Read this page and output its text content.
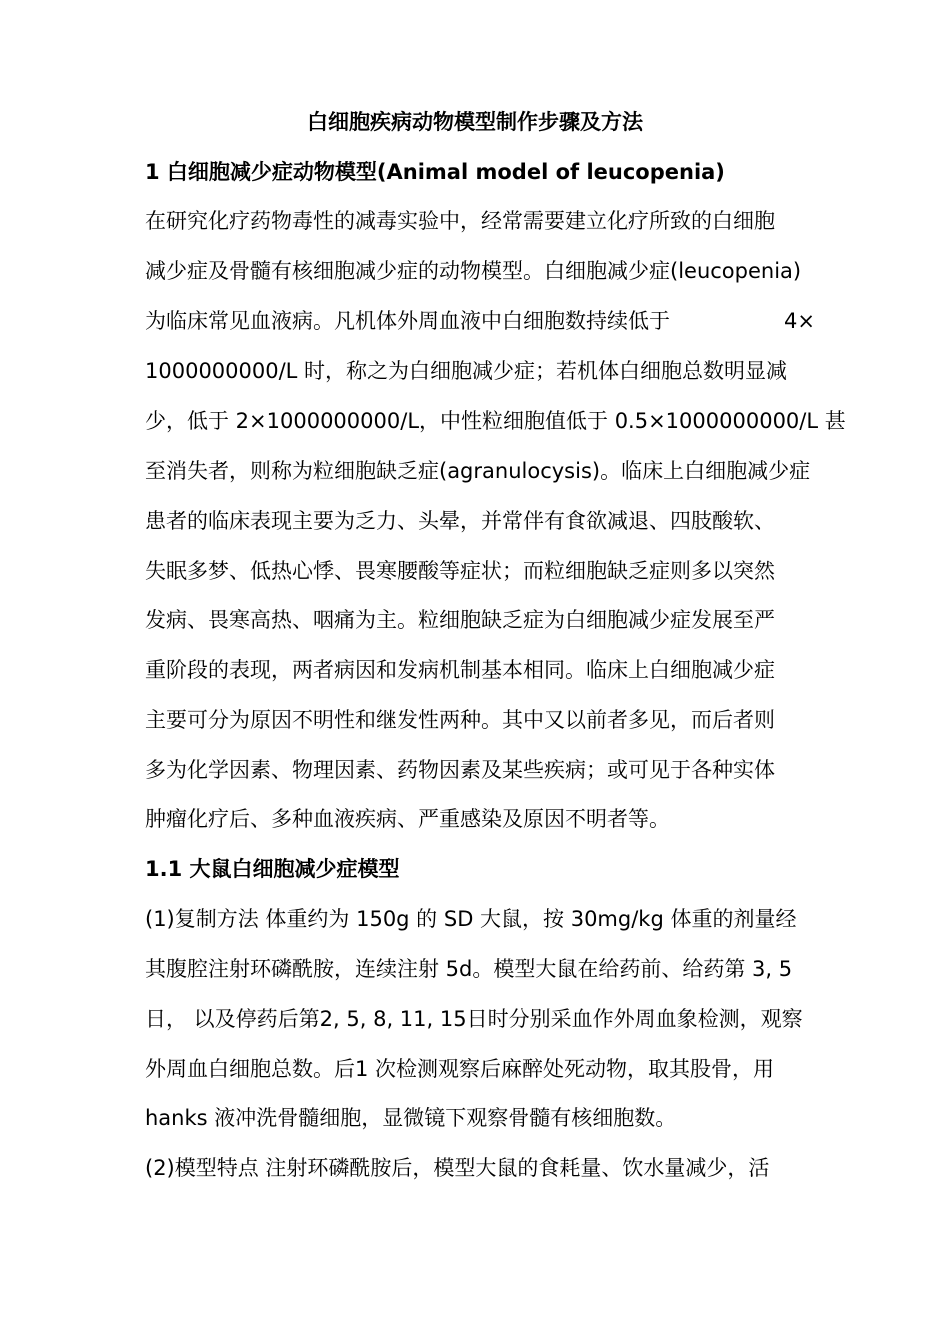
白细胞疾病动物模型制作步骤及方法
1 白细胞减少症动物模型(Animal model of leucopenia)
在研究化疗药物毒性的减毒实验中，经常需要建立化疗所致的白细胞
减少症及骨髓有核细胞减少症的动物模型。白细胞减少症(leucopenia)
为临床常见血液病。凡机体外周血液中白细胞数持续低于	4×
1000000000/L 时，称之为白细胞减少症；若机体白细胞总数明显减
少，低于 2×1000000000/L，中性粒细胞值低于 0.5×1000000000/L 甚
至消失者，则称为粒细胞缺乏症(agranulocysis)。临床上白细胞减少症
患者的临床表现主要为乏力、头晕，并常伴有食欲减退、四肢酸软、
失眠多梦、低热心悸、畏寒腰酸等症状；而粒细胞缺乏症则多以突然
发病、畏寒高热、咽痛为主。粒细胞缺乏症为白细胞减少症发展至严
重阶段的表现，两者病因和发病机制基本相同。临床上白细胞减少症
主要可分为原因不明性和继发性两种。其中又以前者多见，而后者则
多为化学因素、物理因素、药物因素及某些疾病；或可见于各种实体
肿瘤化疗后、多种血液疾病、严重感染及原因不明者等。
1.1 大鼠白细胞减少症模型
(1)复制方法 体重约为 150g 的 SD 大鼠，按 30mg/kg 体重的剂量经
其腹腔注射环磷酰胺，连续注射 5d。模型大鼠在给药前、给药第 3, 5
日， 以及停药后第2, 5, 8, 11, 15日时分别采血作外周血象检测，观察
外周血白细胞总数。后1 次检测观察后麻醉处死动物，取其股骨，用
hanks 液冲洗骨髓细胞，显微镜下观察骨髓有核细胞数。
(2)模型特点 注射环磷酰胺后，模型大鼠的食耗量、饮水量减少，活
